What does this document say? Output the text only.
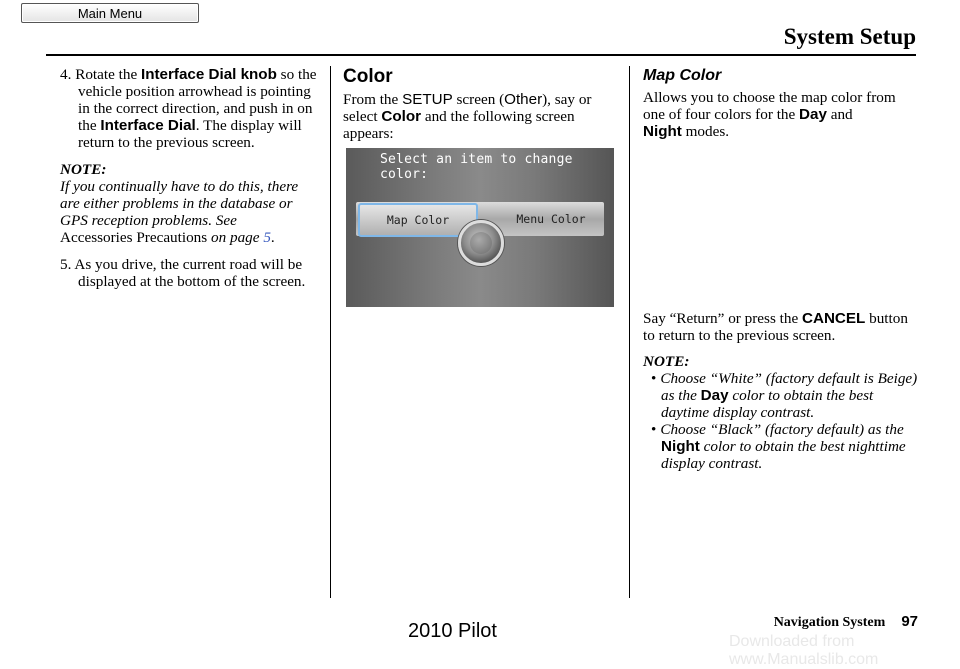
Main Menu
System Setup

4. Rotate the Interface Dial knob so the vehicle position arrowhead is pointing in the correct direction, and push in on the Interface Dial. The display will return to the previous screen.

NOTE:

If you continually have to do this, there are either problems in the database or GPS reception problems. See
Accessories Precautions on page 5.

5. As you drive, the current road will be displayed at the bottom of the screen.

Color

From the SETUP screen (Other), say or select Color and the following screen appears:

Select an item to change color:
Map Color	Menu Color
Map Color

Allows you to choose the map color from one of four colors for the Day and
Night modes.

Say “Return” or press the CANCEL button to return to the previous screen.

NOTE:

• Choose “White” (factory default is Beige) as the Day color to obtain the best daytime display contrast.
• Choose “Black” (factory default) as the Night color to obtain the best nighttime display contrast.
Navigation System 97
2010 Pilot	Downloaded from www.Manualslib.com
